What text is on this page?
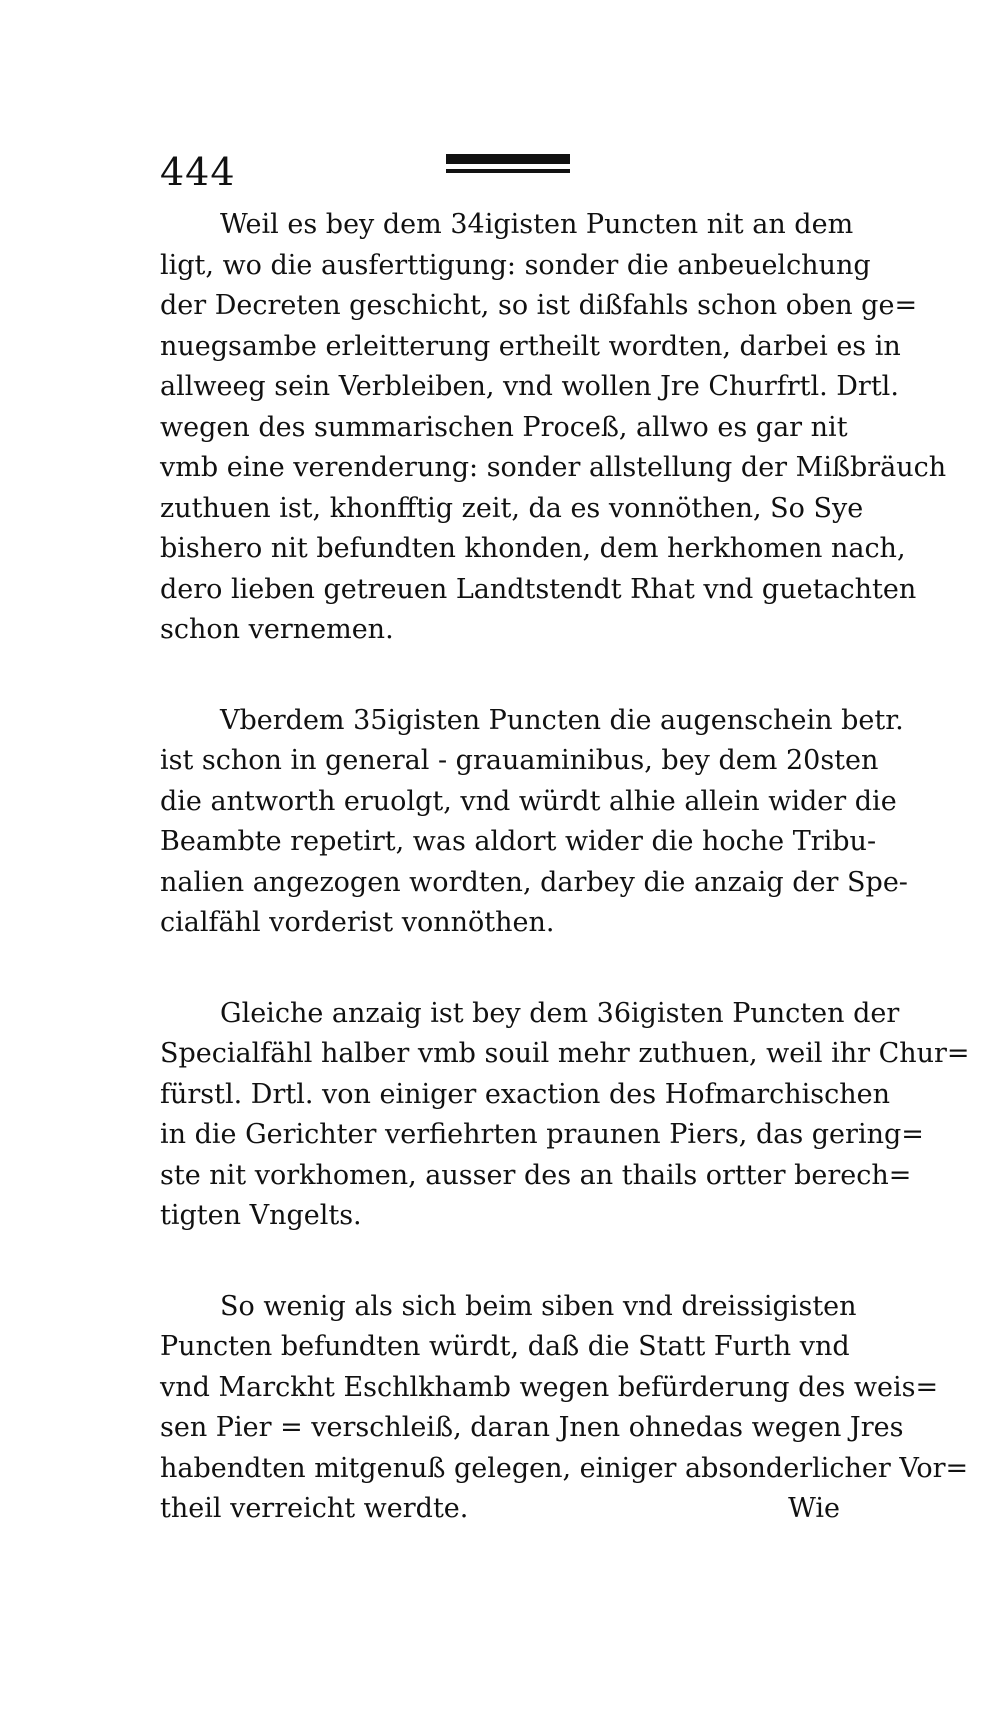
444
Weil es bey dem 34igisten Puncten nit an dem
ligt, wo die ausferttigung: sonder die anbeuelchung
der Decreten geschicht, so ist dißfahls schon oben ge=
nuegsambe erleitterung ertheilt wordten, darbei es in
allweeg sein Verbleiben, vnd wollen Jre Churfrtl. Drtl.
wegen des summarischen Proceß, allwo es gar nit
vmb eine verenderung: sonder allstellung der Mißbräuch
zuthuen ist, khonfftig zeit, da es vonnöthen, So Sye
bishero nit befundten khonden, dem herkhomen nach,
dero lieben getreuen Landtstendt Rhat vnd guetachten
schon vernemen.
Vberdem 35igisten Puncten die augenschein betr.
ist schon in general - grauaminibus, bey dem 20sten
die antworth eruolgt, vnd würdt alhie allein wider die
Beambte repetirt, was aldort wider die hoche Tribu-
nalien angezogen wordten, darbey die anzaig der Spe-
cialfähl vorderist vonnöthen.
Gleiche anzaig ist bey dem 36igisten Puncten der
Specialfähl halber vmb souil mehr zuthuen, weil ihr Chur=
fürstl. Drtl. von einiger exaction des Hofmarchischen
in die Gerichter verfiehrten praunen Piers, das gering=
ste nit vorkhomen, ausser des an thails ortter berech=
tigten Vngelts.
So wenig als sich beim siben vnd dreissigisten
Puncten befundten würdt, daß die Statt Furth vnd
vnd Marckht Eschlkhamb wegen befürderung des weis=
sen Pier = verschleiß, daran Jnen ohnedas wegen Jres
habendten mitgenuß gelegen, einiger absonderlicher Vor=
theil verreicht werdte.	Wie
